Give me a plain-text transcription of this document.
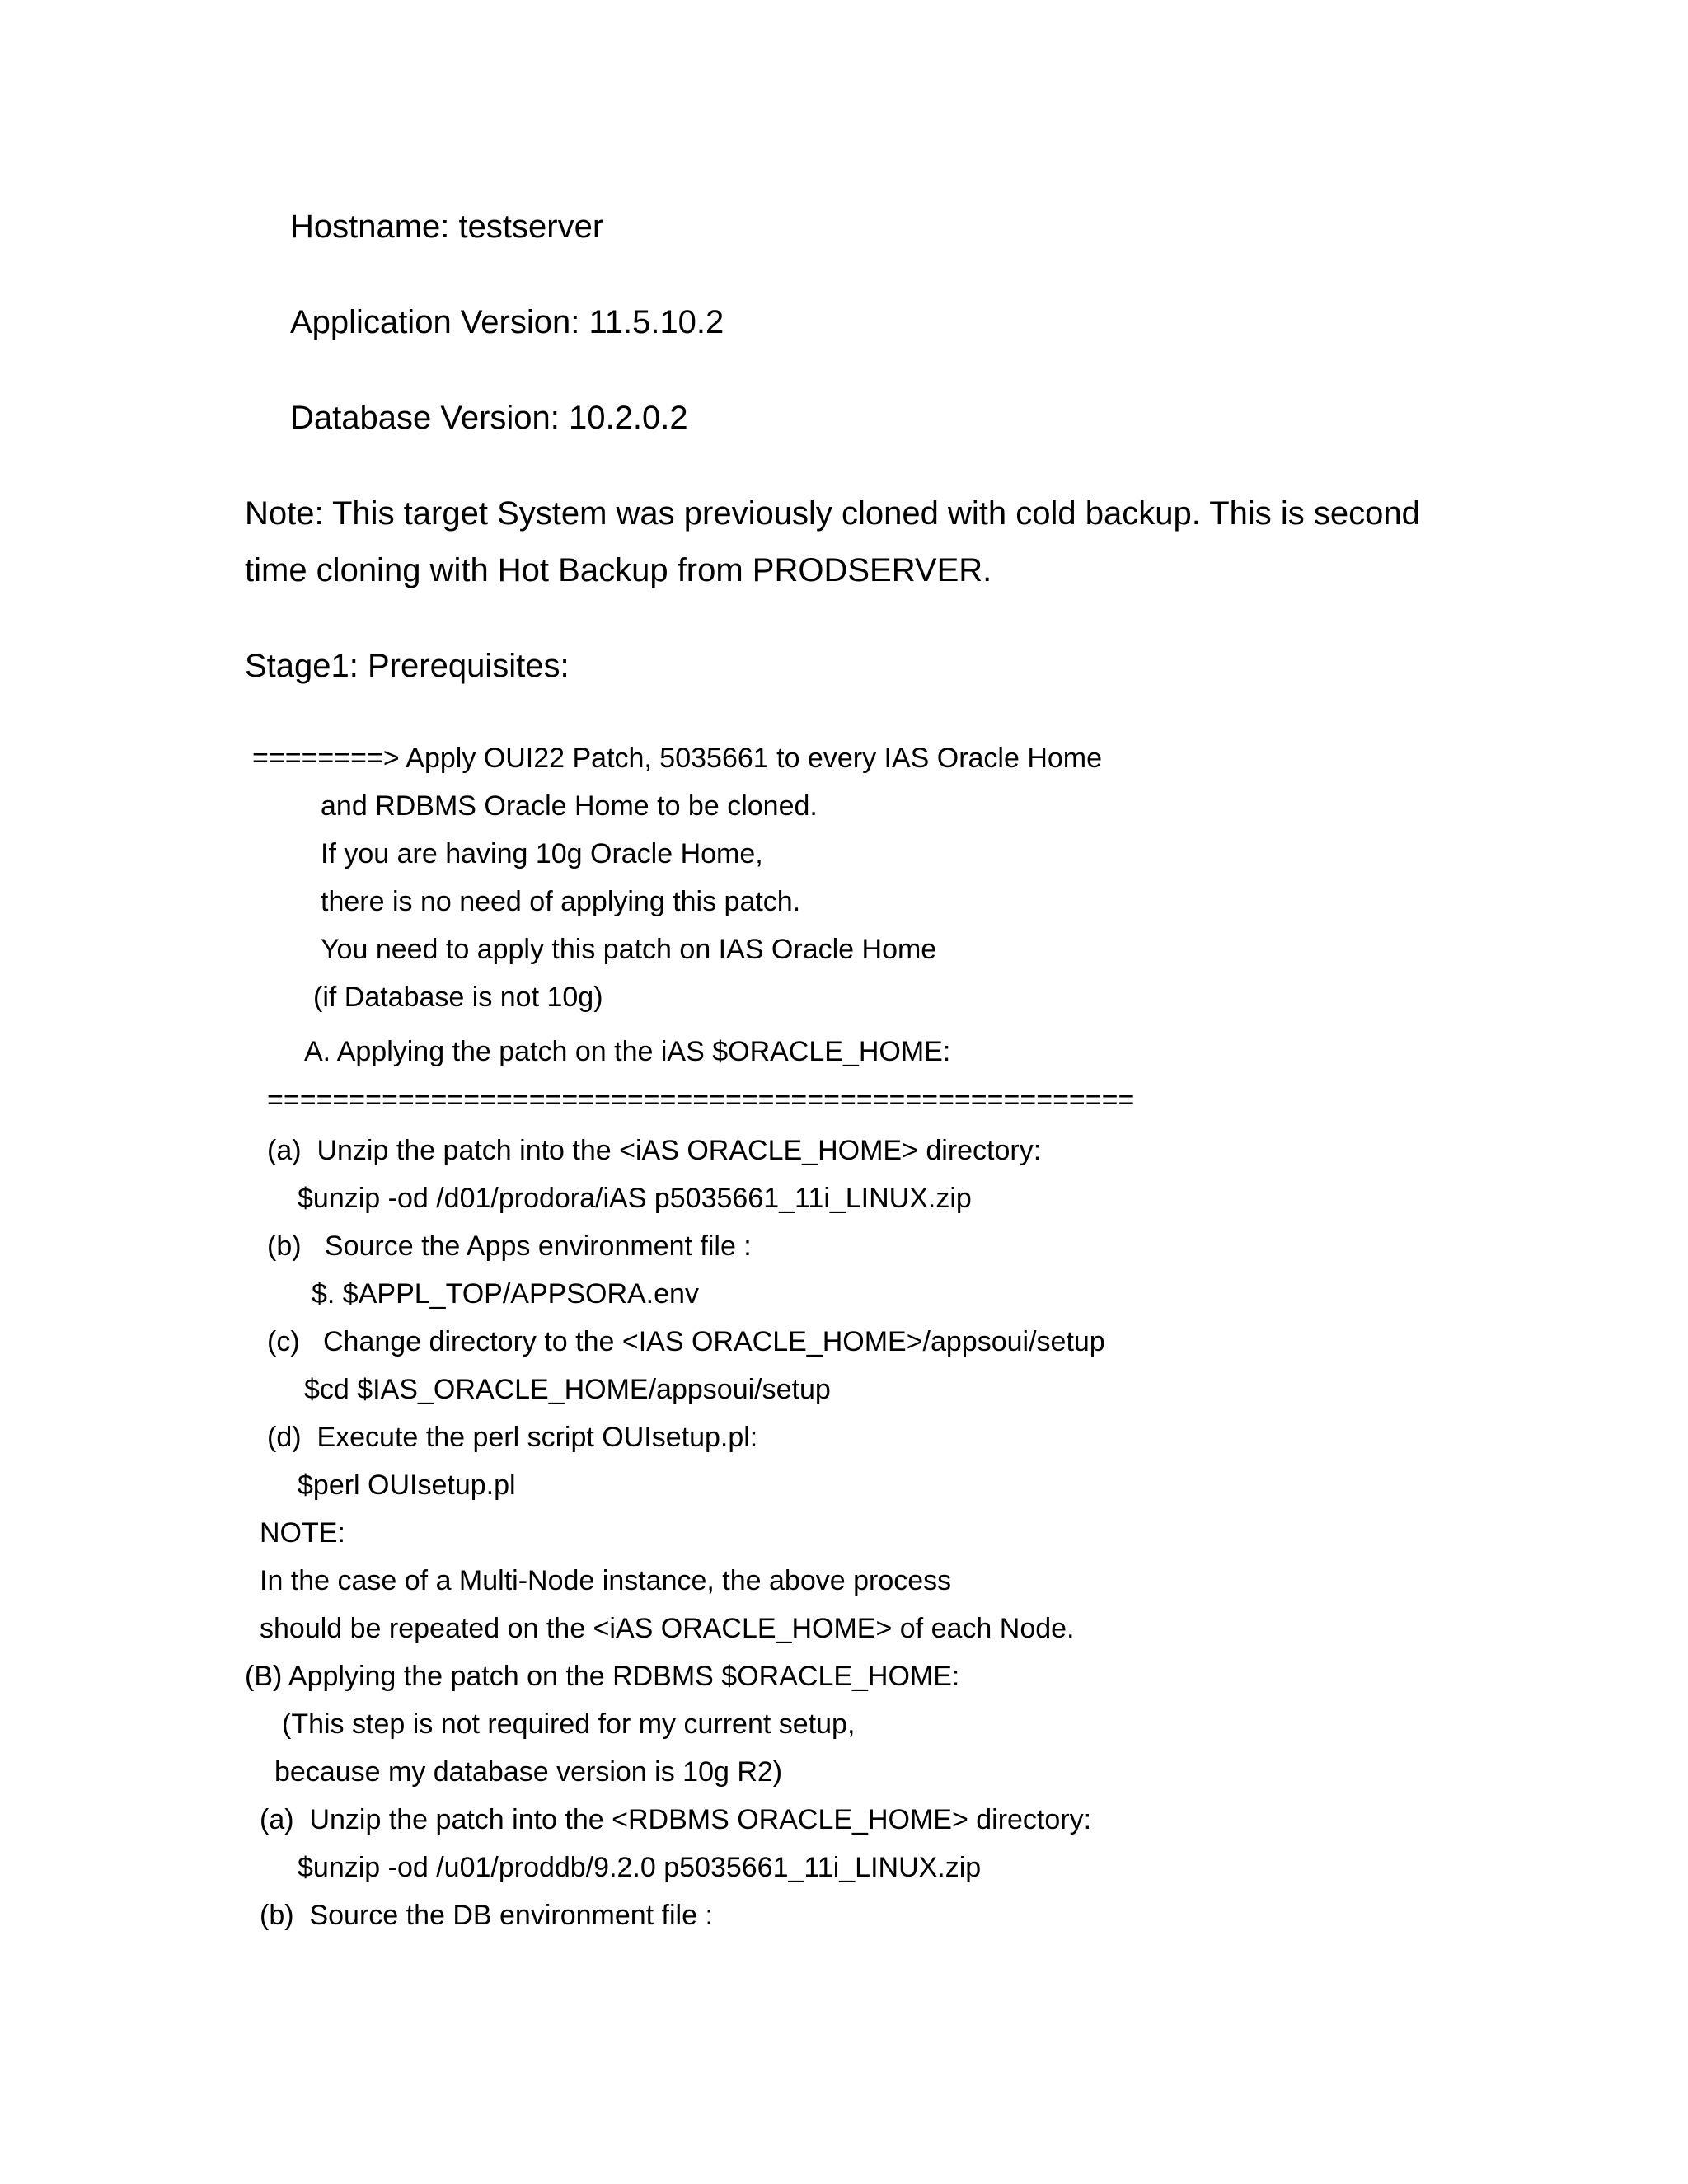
Hostname: testserver
Application Version: 11.5.10.2
Database Version: 10.2.0.2
Note: This target System was previously cloned with cold backup. This is second
time cloning with Hot Backup from PRODSERVER.
Stage1: Prerequisites:
========> Apply OUI22 Patch, 5035661 to every IAS Oracle Home
and RDBMS Oracle Home to be cloned.
If you are having 10g Oracle Home,
there is no need of applying this patch.
You need to apply this patch on IAS Oracle Home
(if Database is not 10g)
A. Applying the patch on the iAS $ORACLE_HOME:
=====================================================
(a)  Unzip the patch into the <iAS ORACLE_HOME> directory:
$unzip -od /d01/prodora/iAS p5035661_11i_LINUX.zip
(b)   Source the Apps environment file :
$. $APPL_TOP/APPSORA.env
(c)   Change directory to the <IAS ORACLE_HOME>/appsoui/setup
$cd $IAS_ORACLE_HOME/appsoui/setup
(d)  Execute the perl script OUIsetup.pl:
$perl OUIsetup.pl
NOTE:
In the case of a Multi-Node instance, the above process
should be repeated on the <iAS ORACLE_HOME> of each Node.
(B) Applying the patch on the RDBMS $ORACLE_HOME:
(This step is not required for my current setup,
because my database version is 10g R2)
(a)  Unzip the patch into the <RDBMS ORACLE_HOME> directory:
$unzip -od /u01/proddb/9.2.0 p5035661_11i_LINUX.zip
(b)  Source the DB environment file :
